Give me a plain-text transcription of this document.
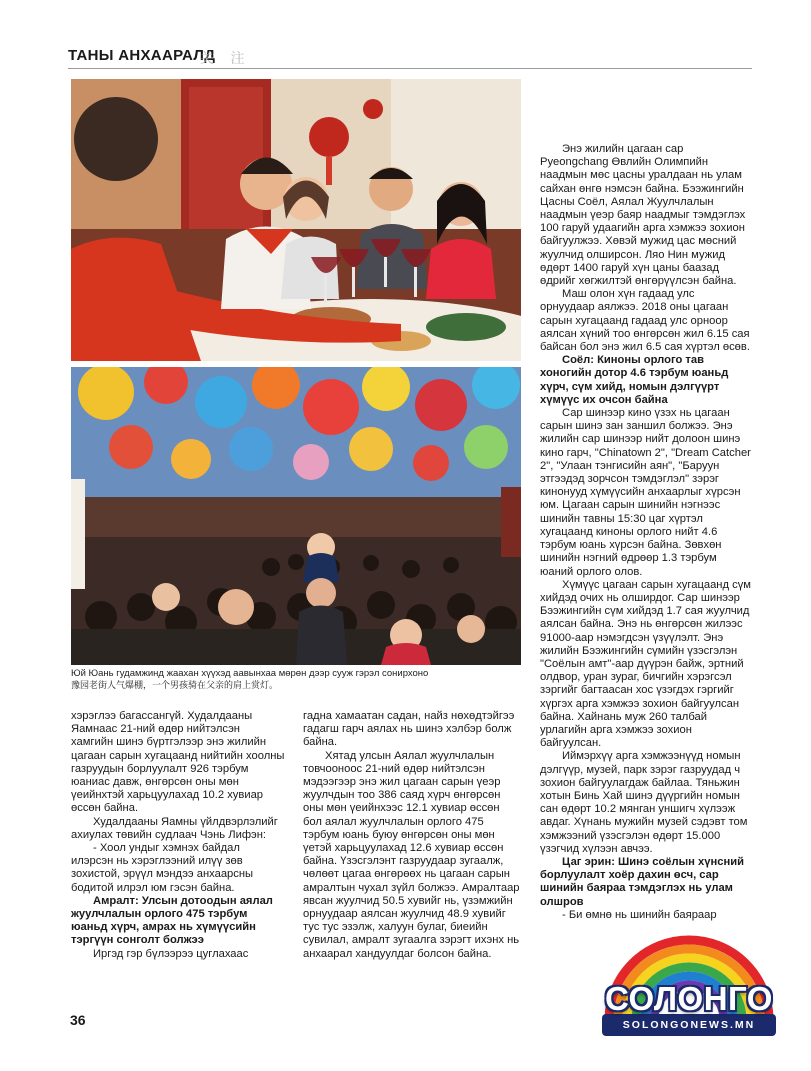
ТАНЫ АНХААРАЛД
关 注
Юй Юань гудамжинд жаахан хүүхэд аавынхаа мөрөн дээр сууж гэрэл сонирхоно
豫园老街人气爆棚，一个男孩骑在父亲的肩上赏灯。

хэрэглээ багассангүй. Худалдааны Яамнаас 21-ний өдөр нийтэлсэн хамгийн шинэ бүртгэлээр энэ жилийн цагаан сарын хугацаанд нийтийн хоолны газруудын борлуулалт 926 тэрбум юаниас давж, өнгөрсөн оны мөн үеийнхтэй харьцуулахад 10.2 хувиар өссөн байна.

Худалдааны Яамны үйлдвэрлэлийг ахиулах төвийн судлаач Чэнь Лифэн:

- Хоол ундыг хэмнэх байдал илэрсэн нь хэрэглээний илүү зөв зохистой, эрүүл мэндээ анхаарсны бодитой илрэл юм гэсэн байна.

Амралт: Улсын дотоодын аялал жуулчлалын орлого 475 тэрбум юаньд хүрч, амрах нь хүмүүсийн тэргүүн сонголт болжээ

Иргэд гэр бүлээрээ цуглахаас

гадна хамаатан садан, найз нөхөдтэйгээ гадагш гарч аялах нь шинэ хэлбэр болж байна.

Хятад улсын Аялал жуулчлалын товчоонооc 21-ний өдөр нийтэлсэн мэдээгээр энэ жил цагаан сарын үеэр жуулчдын тоо 386 саяд хүрч өнгөрсөн оны мөн үеийнхээс 12.1 хувиар өссөн бол аялал жуулчлалын орлого 475 тэрбум юань буюу өнгөрсөн оны мөн үетэй харьцуулахад 12.6 хувиар өссөн байна. Үзэсгэлэнт газруудаар зугаалж, чөлөөт цагаа өнгөрөөх нь цагаан сарын амралтын чухал зүйл болжээ. Амралтаар явсан жуулчид 50.5 хувийг нь, үзэмжийн орнуудаар аялсан жуулчид 48.9 хувийг тус тус эзэлж, халуун булаг, биеийн сувилал, амралт зугаалга зэрэгт ихэнх нь анхаарал хандуулдаг болсон байна.

Энэ жилийн цагаан сар Pyeongchang Өвлийн Олимпийн наадмын мөс цасны уралдаан нь улам сайхан өнгө нэмсэн байна. Бээжингийн Цасны Соёл, Аялал Жуулчлалын наадмын үеэр баяр наадмыг тэмдэглэх 100 гаруй удаагийн арга хэмжээ зохион байгуулжээ. Хөвэй мужид цас мөсний жуулчид олширсон. Ляо Нин мужид өдөрт 1400 гаруй хүн цаны баазад өдрийг хөгжилтэй өнгөрүүлсэн байна.

Маш олон хүн гадаад улс орнуудаар аялжээ. 2018 оны цагаан сарын хугацаанд гадаад улс орноор аялсан хүний тоо өнгөрсөн жил 6.15 сая байсан бол энэ жил 6.5 сая хүртэл өсөв.

Соёл: Киноны орлого тав хоногийн дотор 4.6 тэрбум юаньд хүрч, сүм хийд, номын дэлгүүрт хүмүүс их очсон байна

Сар шинээр кино үзэх нь цагаан сарын шинэ зан заншил болжээ. Энэ жилийн сар шинээр нийт долоон шинэ кино гарч, "Chinatown 2", "Dream Catcher 2", "Улаан тэнгисийн аян", "Баруун этгээдэд зорчсон тэмдэглэл" зэрэг кинонууд хүмүүсийн анхаарлыг хүрсэн юм. Цагаан сарын шинийн нэгнээс шинийн тавны 15:30 цаг хүртэл хугацаанд киноны орлого нийт 4.6 тэрбум юань хүрсэн байна. Зөвхөн шинийн нэгний өдрөөр 1.3 тэрбум юаний орлого олов.

Хүмүүс цагаан сарын хугацаанд сүм хийдэд очих нь олширдог. Сар шинээр Бээжингийн сүм хийдэд 1.7 сая жуулчид аялсан байна. Энэ нь өнгөрсөн жилээс 91000-аар нэмэгдсэн үзүүлэлт. Энэ жилийн Бээжингийн сүмийн үзэсгэлэн "Соёлын амт"-аар дүүрэн байж, эртний олдвор, уран зураг, бичгийн хэрэгсэл зэргийг багтаасан хос үзэгдэх гэргийг хүргэх арга хэмжээ зохион байгуулсан байна. Хайнань муж 260 талбай урлагийн арга хэмжээ зохион байгуулсан.

Иймэрхүү арга хэмжээнүүд номын дэлгүүр, музей, парк зэрэг газруудад ч зохион байгуулагдаж байлаа. Тяньжин хотын Бинь Хай шинэ дүүргийн номын сан өдөрт 10.2 мянган уншигч хүлээж авдаг. Хүнань мужийн музей сэдэвт том хэмжээний үзэсгэлэн өдөрт 15.000 үзэгчид хүлээн авчээ.

Цаг эрин: Шинэ соёлын хүнсний борлуулалт хоёр дахин өсч, сар шинийн баяраа тэмдэглэх нь улам олшров

- Би өмнө нь шинийн баяраар

36
СОЛОНГО
SOLONGONEWS.MN
